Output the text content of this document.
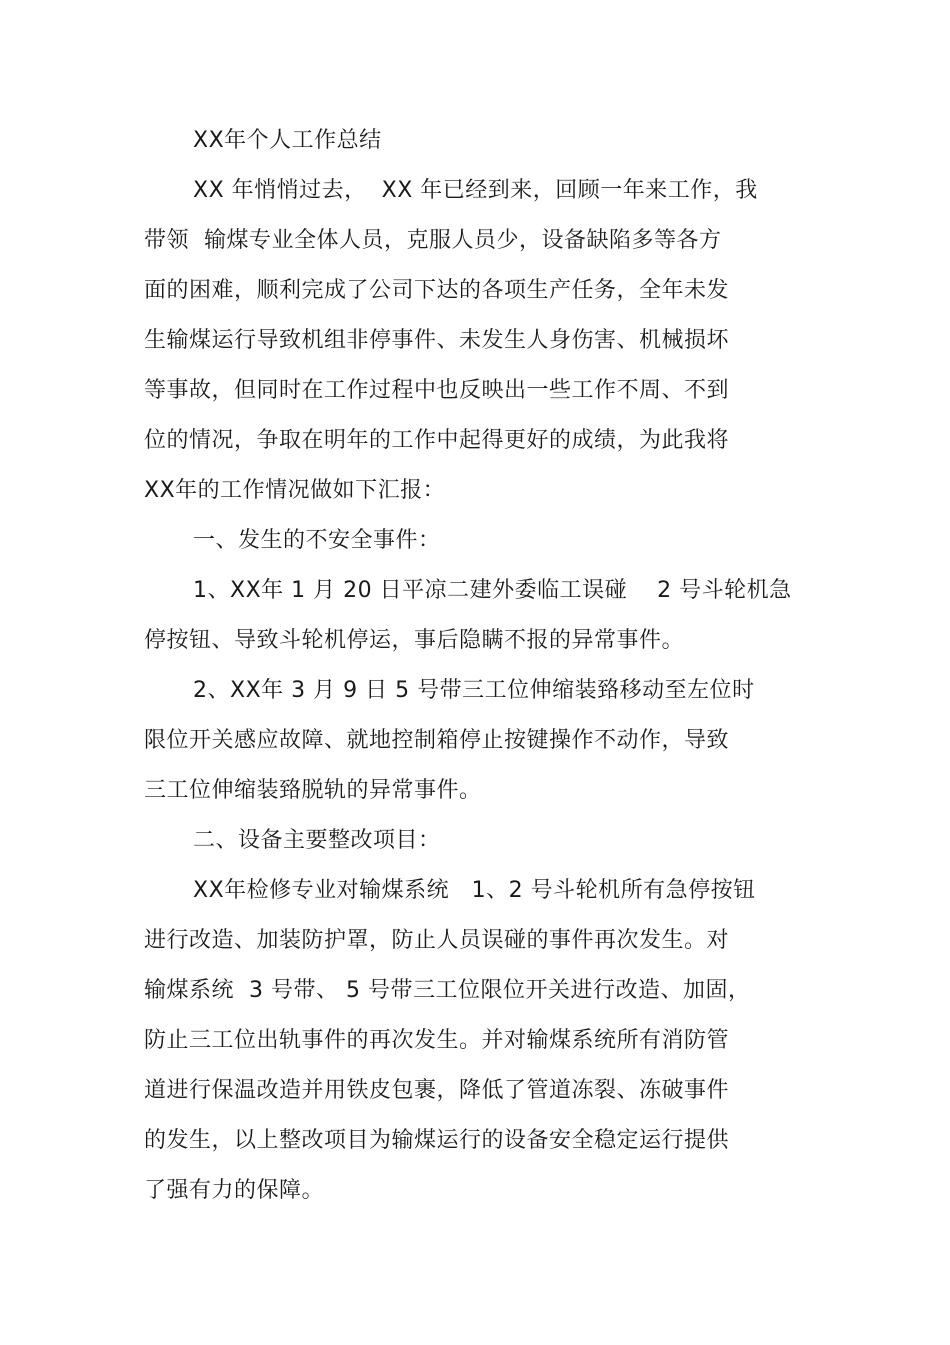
XX年个人工作总结
XX 年悄悄过去，  XX 年已经到来，回顾一年来工作，我
带领  输煤专业全体人员，克服人员少，设备缺陷多等各方
面的困难，顺利完成了公司下达的各项生产任务，全年未发
生输煤运行导致机组非停事件、未发生人身伤害、机械损坏
等事故，但同时在工作过程中也反映出一些工作不周、不到
位的情况，争取在明年的工作中起得更好的成绩，为此我将
XX年的工作情况做如下汇报：
一、发生的不安全事件：
1、XX年 1 月 20 日平凉二建外委临工误碰    2 号斗轮机急
停按钮、导致斗轮机停运，事后隐瞒不报的异常事件。
2、XX年 3 月 9 日 5 号带三工位伸缩装臵移动至左位时
限位开关感应故障、就地控制箱停止按键操作不动作，导致
三工位伸缩装臵脱轨的异常事件。
二、设备主要整改项目：
XX年检修专业对输煤系统   1、2 号斗轮机所有急停按钮
进行改造、加装防护罩，防止人员误碰的事件再次发生。对
输煤系统  3 号带、 5 号带三工位限位开关进行改造、加固，
防止三工位出轨事件的再次发生。并对输煤系统所有消防管
道进行保温改造并用铁皮包裹，降低了管道冻裂、冻破事件
的发生，以上整改项目为输煤运行的设备安全稳定运行提供
了强有力的保障。
